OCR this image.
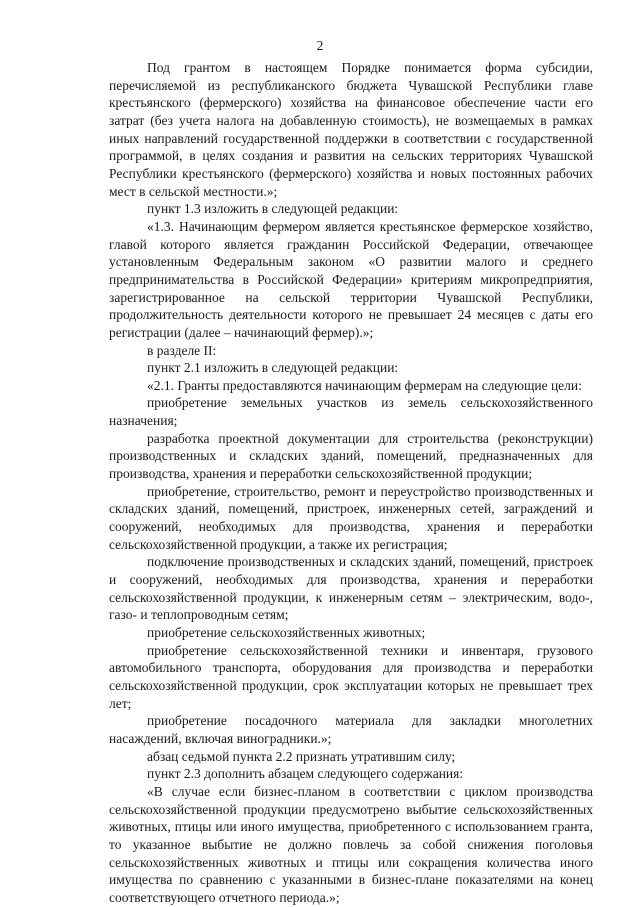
2

Под грантом в настоящем Порядке понимается форма субсидии, перечисляемой из республиканского бюджета Чувашской Республики главе крестьянского (фермерского) хозяйства на финансовое обеспечение части его затрат (без учета налога на добавленную стоимость), не возмещаемых в рамках иных направлений государственной поддержки в соответствии с государственной программой, в целях создания и развития на сельских территориях Чувашской Республики крестьянского (фермерского) хозяйства и новых постоянных рабочих мест в сельской местности.»;

пункт 1.3 изложить в следующей редакции:

«1.3. Начинающим фермером является крестьянское фермерское хозяйство, главой которого является гражданин Российской Федерации, отвечающее установленным Федеральным законом «О развитии малого и среднего предпринимательства в Российской Федерации» критериям микропредприятия, зарегистрированное на сельской территории Чувашской Республики, продолжительность деятельности которого не превышает 24 месяцев с даты его регистрации (далее – начинающий фермер).»;

в разделе II:

пункт 2.1 изложить в следующей редакции:

«2.1. Гранты предоставляются начинающим фермерам на следующие цели:

приобретение земельных участков из земель сельскохозяйственного назначения;

разработка проектной документации для строительства (реконструкции) производственных и складских зданий, помещений, предназначенных для производства, хранения и переработки сельскохозяйственной продукции;

приобретение, строительство, ремонт и переустройство производственных и складских зданий, помещений, пристроек, инженерных сетей, заграждений и сооружений, необходимых для производства, хранения и переработки сельскохозяйственной продукции, а также их регистрация;

подключение производственных и складских зданий, помещений, пристроек и сооружений, необходимых для производства, хранения и переработки сельскохозяйственной продукции, к инженерным сетям – электрическим, водо-, газо- и теплопроводным сетям;

приобретение сельскохозяйственных животных;

приобретение сельскохозяйственной техники и инвентаря, грузового автомобильного транспорта, оборудования для производства и переработки сельскохозяйственной продукции, срок эксплуатации которых не превышает трех лет;

приобретение посадочного материала для закладки многолетних насаждений, включая виноградники.»;

абзац седьмой пункта 2.2 признать утратившим силу;

пункт 2.3 дополнить абзацем следующего содержания:

«В случае если бизнес-планом в соответствии с циклом производства сельскохозяйственной продукции предусмотрено выбытие сельскохозяйственных животных, птицы или иного имущества, приобретенного с использованием гранта, то указанное выбытие не должно повлечь за собой снижения поголовья сельскохозяйственных животных и птицы или сокращения количества иного имущества по сравнению с указанными в бизнес-плане показателями на конец соответствующего отчетного периода.»;
